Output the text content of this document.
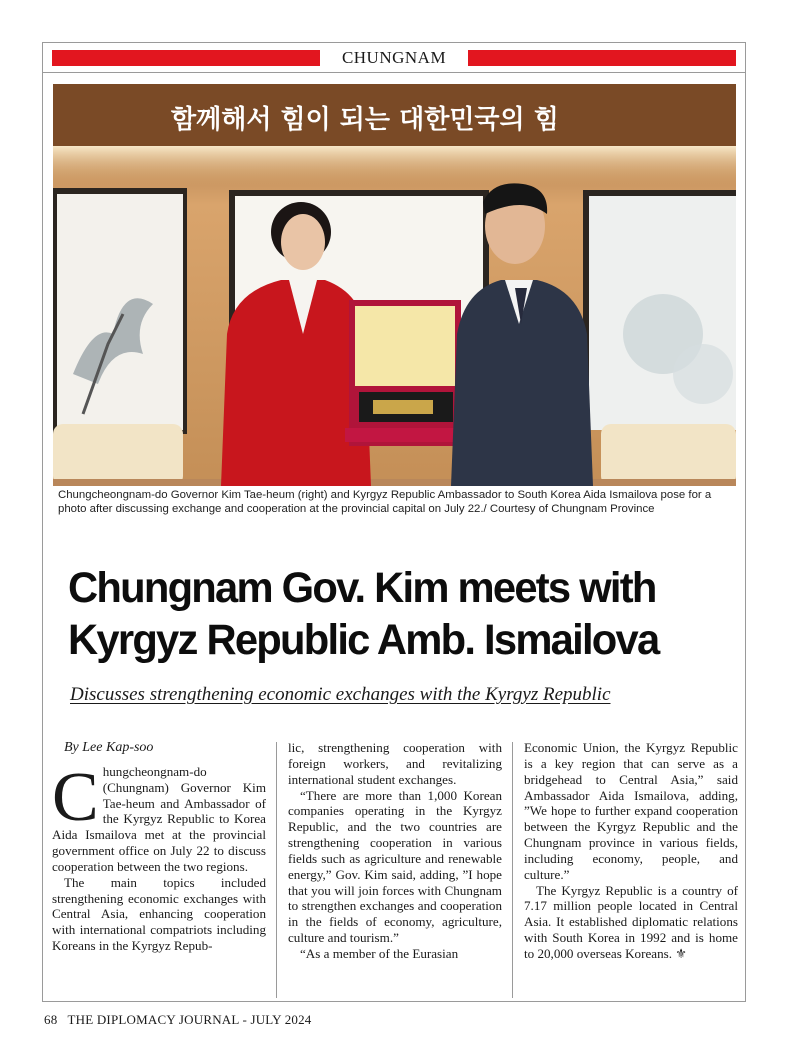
CHUNGNAM
함께해서 힘이 되는 대한민국의 힘
Chungcheongnam-do Governor Kim Tae-heum (right) and Kyrgyz Republic Ambassador to South Korea Aida Ismailova pose for a photo after discussing exchange and cooperation at the provincial capital on July 22./ Courtesy of Chungnam Province
Chungnam Gov. Kim meets with
Kyrgyz Republic Amb. Ismailova
Discusses strengthening economic exchanges with the Kyrgyz Republic

By Lee Kap-soo

Chungcheongnam-do (Chungnam) Governor Kim Tae-heum and Ambassador of the Kyrgyz Republic to Korea Aida Ismailova met at the provincial government office on July 22 to discuss cooperation between the two regions.

The main topics included strengthening economic exchanges with Central Asia, enhancing cooperation with international compatriots including Koreans in the Kyrgyz Repub-

lic, strengthening cooperation with foreign workers, and revitalizing international student exchanges.

“There are more than 1,000 Korean companies operating in the Kyrgyz Republic, and the two countries are strengthening cooperation in various fields such as agriculture and renewable energy,” Gov. Kim said, adding, ”I hope that you will join forces with Chungnam to strengthen exchanges and cooperation in the fields of economy, agriculture, culture and tourism.”

“As a member of the Eurasian

Economic Union, the Kyrgyz Republic is a key region that can serve as a bridgehead to Central Asia,” said Ambassador Aida Ismailova, adding, ”We hope to further expand cooperation between the Kyrgyz Republic and the Chungnam province in various fields, including economy, people, and culture.”

The Kyrgyz Republic is a country of 7.17 million people located in Central Asia. It established diplomatic relations with South Korea in 1992 and is home to 20,000 overseas Koreans. ⚜

68   THE DIPLOMACY JOURNAL - JULY 2024
